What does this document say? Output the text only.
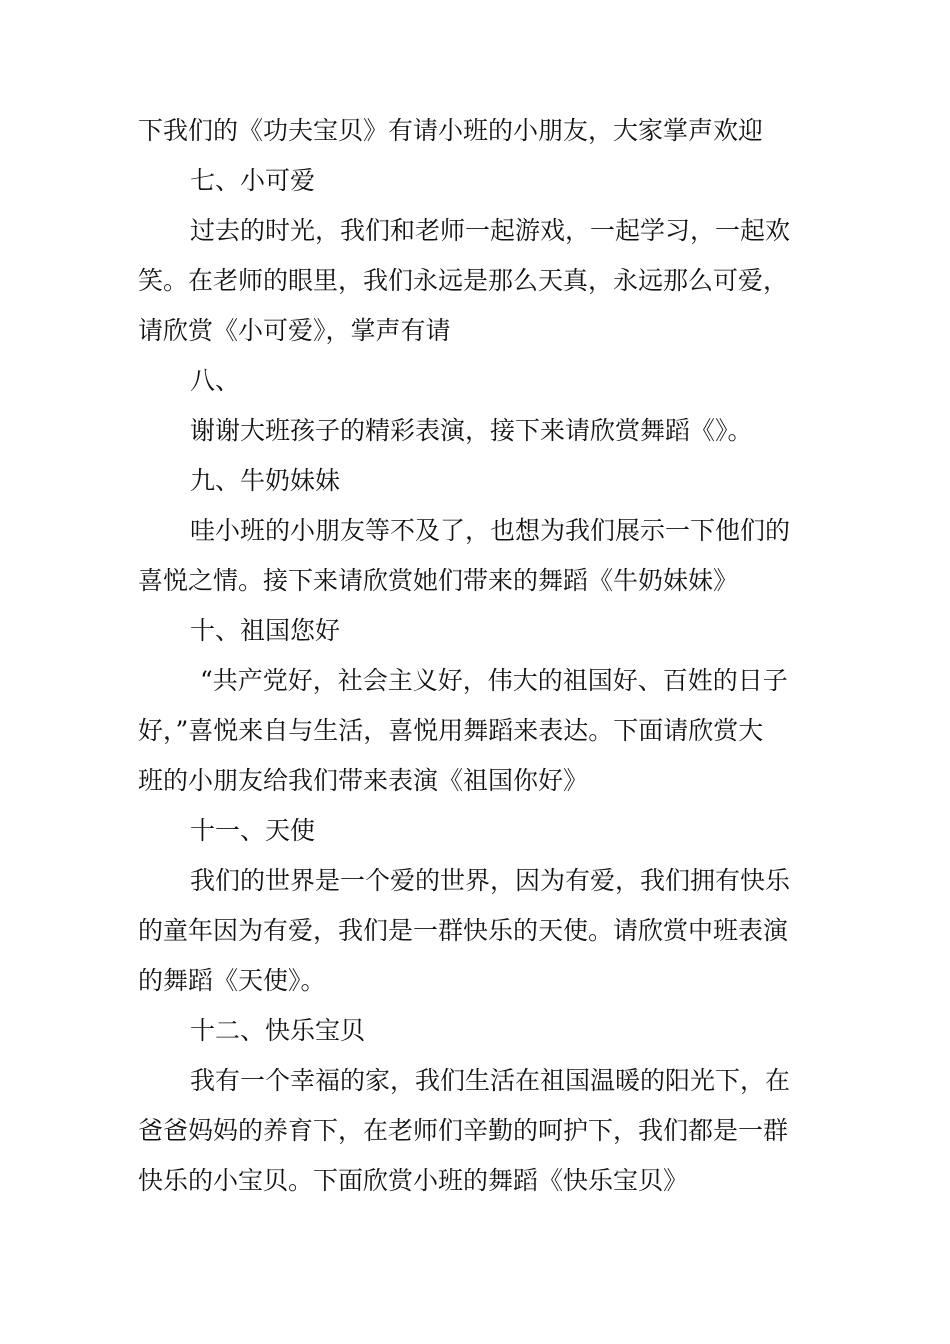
下我们的《功夫宝贝》有请小班的小朋友，大家掌声欢迎
七、小可爱
过去的时光，我们和老师一起游戏，一起学习，一起欢
笑。在老师的眼里，我们永远是那么天真，永远那么可爱，
请欣赏《小可爱》，掌声有请
八、
谢谢大班孩子的精彩表演，接下来请欣赏舞蹈《》。
九、牛奶妹妹
哇小班的小朋友等不及了，也想为我们展示一下他们的
喜悦之情。接下来请欣赏她们带来的舞蹈《牛奶妹妹》
十、祖国您好
“共产党好，社会主义好，伟大的祖国好、百姓的日子
好，”喜悦来自与生活，喜悦用舞蹈来表达。下面请欣赏大
班的小朋友给我们带来表演《祖国你好》
十一、天使
我们的世界是一个爱的世界，因为有爱，我们拥有快乐
的童年因为有爱，我们是一群快乐的天使。请欣赏中班表演
的舞蹈《天使》。
十二、快乐宝贝
我有一个幸福的家，我们生活在祖国温暖的阳光下，在
爸爸妈妈的养育下，在老师们辛勤的呵护下，我们都是一群
快乐的小宝贝。下面欣赏小班的舞蹈《快乐宝贝》
